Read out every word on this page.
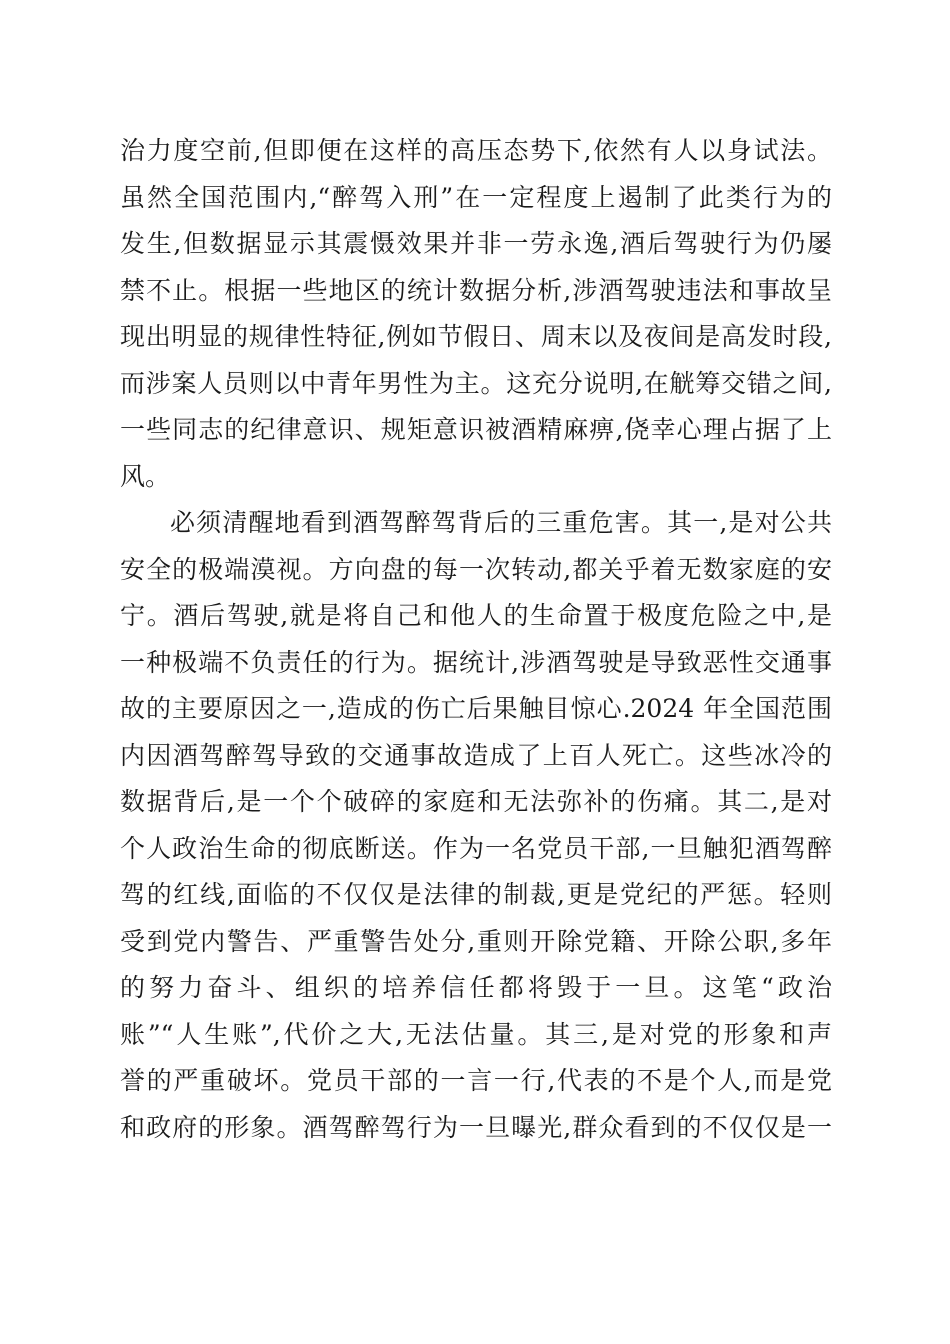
治力度空前,但即便在这样的高压态势下,依然有人以身试法。
虽然全国范围内,“醉驾入刑”在一定程度上遏制了此类行为的
发生,但数据显示其震慑效果并非一劳永逸,酒后驾驶行为仍屡
禁不止。根据一些地区的统计数据分析,涉酒驾驶违法和事故呈
现出明显的规律性特征,例如节假日、周末以及夜间是高发时段,
而涉案人员则以中青年男性为主。这充分说明,在觥筹交错之间,
一些同志的纪律意识、规矩意识被酒精麻痹,侥幸心理占据了上
风。
必须清醒地看到酒驾醉驾背后的三重危害。其一,是对公共
安全的极端漠视。方向盘的每一次转动,都关乎着无数家庭的安
宁。酒后驾驶,就是将自己和他人的生命置于极度危险之中,是
一种极端不负责任的行为。据统计,涉酒驾驶是导致恶性交通事
故的主要原因之一,造成的伤亡后果触目惊心.2024 年全国范围
内因酒驾醉驾导致的交通事故造成了上百人死亡。这些冰冷的
数据背后,是一个个破碎的家庭和无法弥补的伤痛。其二,是对
个人政治生命的彻底断送。作为一名党员干部,一旦触犯酒驾醉
驾的红线,面临的不仅仅是法律的制裁,更是党纪的严惩。轻则
受到党内警告、严重警告处分,重则开除党籍、开除公职,多年
的努力奋斗、组织的培养信任都将毁于一旦。这笔“政治
账”“人生账”,代价之大,无法估量。其三,是对党的形象和声
誉的严重破坏。党员干部的一言一行,代表的不是个人,而是党
和政府的形象。酒驾醉驾行为一旦曝光,群众看到的不仅仅是一
